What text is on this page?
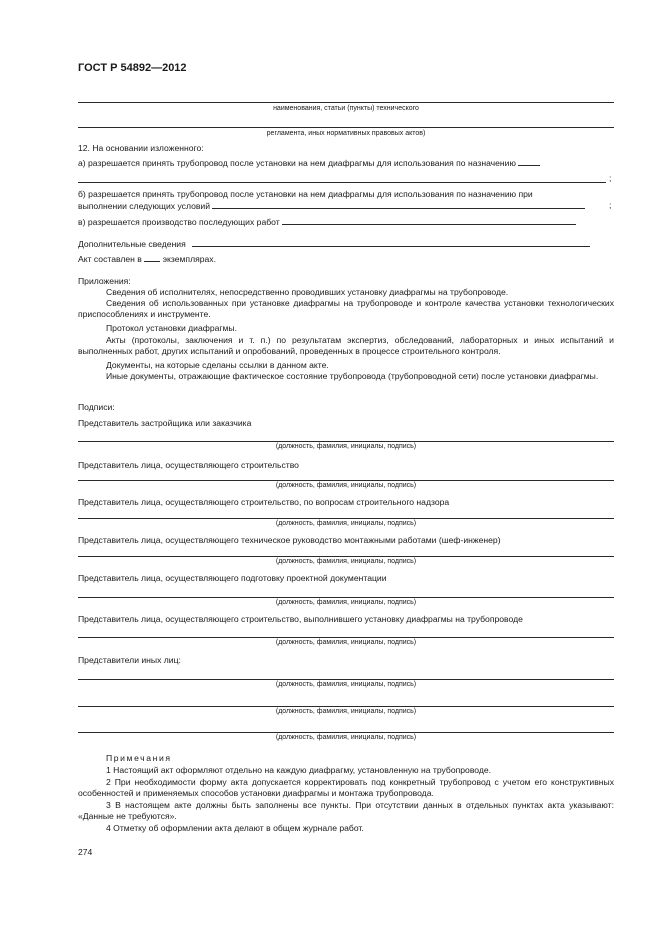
ГОСТ Р 54892—2012
наименования, статьи (пункты) технического
регламента, иных нормативных правовых актов)
12. На основании изложенного:
а) разрешается принять трубопровод после установки на нем диафрагмы для использования по назначению
;
б) разрешается принять трубопровод после установки на нем диафрагмы для использования по назначению при
выполнении следующих условий	;
в) разрешается производство последующих работ
Дополнительные сведения
Акт составлен в экземплярах.
Приложения:
Сведения об исполнителях, непосредственно проводивших установку диафрагмы на трубопроводе.
Сведения об использованных при установке диафрагмы на трубопроводе и контроле качества установки технологических приспособлениях и инструменте.
Протокол установки диафрагмы.
Акты (протоколы, заключения и т. п.) по результатам экспертиз, обследований, лабораторных и иных испытаний и выполненных работ, других испытаний и опробований, проведенных в процессе строительного контроля.
Документы, на которые сделаны ссылки в данном акте.
Иные документы, отражающие фактическое состояние трубопровода (трубопроводной сети) после установки диафрагмы.
Подписи:
Представитель застройщика или заказчика
(должность, фамилия, инициалы, подпись)
Представитель лица, осуществляющего строительство
(должность, фамилия, инициалы, подпись)
Представитель лица, осуществляющего строительство, по вопросам строительного надзора
(должность, фамилия, инициалы, подпись)
Представитель лица, осуществляющего техническое руководство монтажными работами (шеф-инженер)
(должность, фамилия, инициалы, подпись)
Представитель лица, осуществляющего подготовку проектной документации
(должность, фамилия, инициалы, подпись)
Представитель лица, осуществляющего строительство, выполнившего установку диафрагмы на трубопроводе
(должность, фамилия, инициалы, подпись)
Представители иных лиц:
(должность, фамилия, инициалы, подпись)
(должность, фамилия, инициалы, подпись)
(должность, фамилия, инициалы, подпись)
Примечания
1 Настоящий акт оформляют отдельно на каждую диафрагму, установленную на трубопроводе.
2 При необходимости форму акта допускается корректировать под конкретный трубопровод с учетом его конструктивных особенностей и применяемых способов установки диафрагмы и монтажа трубопровода.
3 В настоящем акте должны быть заполнены все пункты. При отсутствии данных в отдельных пунктах акта указывают: «Данные не требуются».
4 Отметку об оформлении акта делают в общем журнале работ.
274
